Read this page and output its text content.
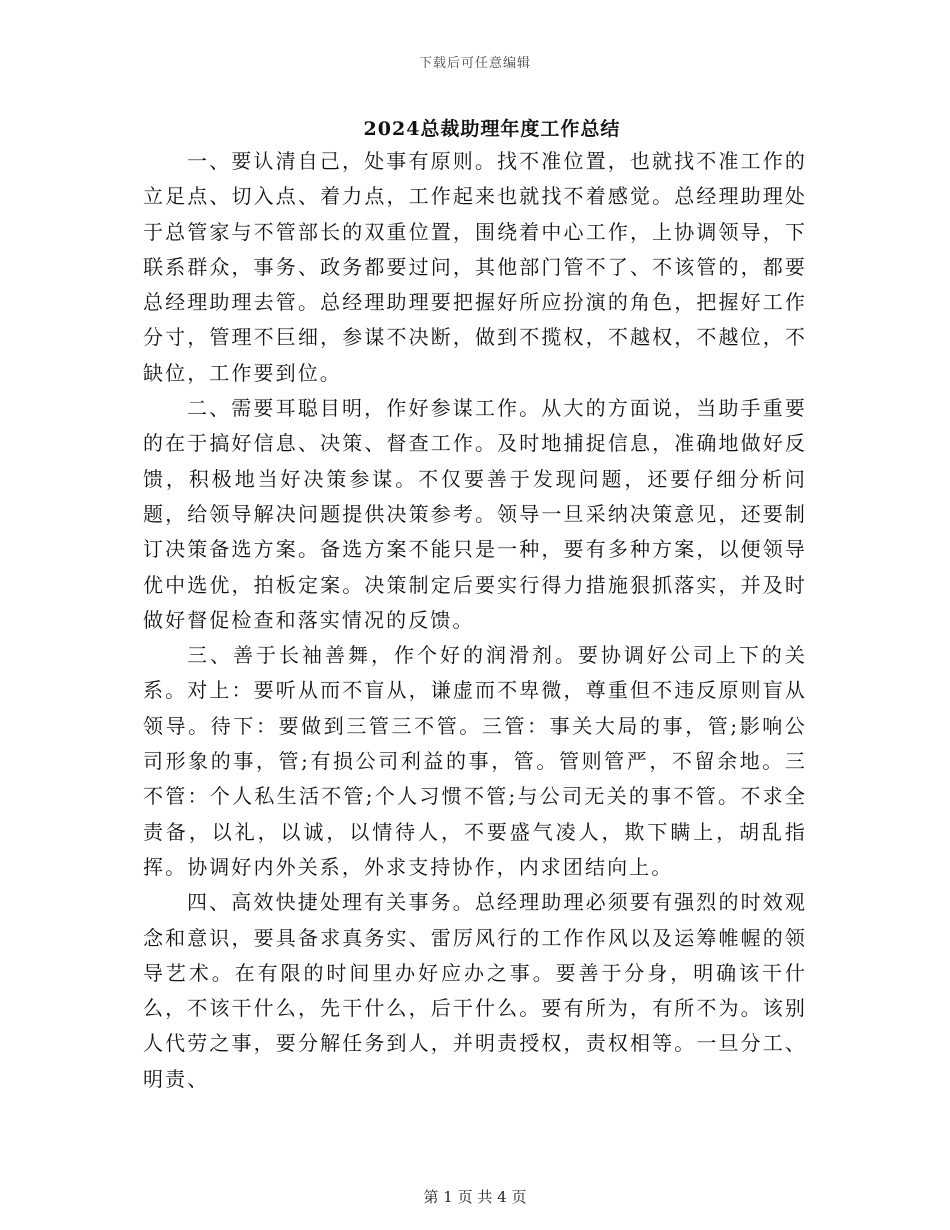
下载后可任意编辑
2024总裁助理年度工作总结

一、要认清自己，处事有原则。找不准位置，也就找不准工作的立足点、切入点、着力点，工作起来也就找不着感觉。总经理助理处于总管家与不管部长的双重位置，围绕着中心工作，上协调领导，下联系群众，事务、政务都要过问，其他部门管不了、不该管的，都要总经理助理去管。总经理助理要把握好所应扮演的角色，把握好工作分寸，管理不巨细，参谋不决断，做到不揽权，不越权，不越位，不缺位，工作要到位。

二、需要耳聪目明，作好参谋工作。从大的方面说，当助手重要的在于搞好信息、决策、督查工作。及时地捕捉信息，准确地做好反馈，积极地当好决策参谋。不仅要善于发现问题，还要仔细分析问题，给领导解决问题提供决策参考。领导一旦采纳决策意见，还要制订决策备选方案。备选方案不能只是一种，要有多种方案，以便领导优中选优，拍板定案。决策制定后要实行得力措施狠抓落实，并及时做好督促检查和落实情况的反馈。

三、善于长袖善舞，作个好的润滑剂。要协调好公司上下的关系。对上：要听从而不盲从，谦虚而不卑微，尊重但不违反原则盲从领导。待下：要做到三管三不管。三管：事关大局的事，管;影响公司形象的事，管;有损公司利益的事，管。管则管严，不留余地。三不管：个人私生活不管;个人习惯不管;与公司无关的事不管。不求全责备，以礼，以诚，以情待人，不要盛气凌人，欺下瞒上，胡乱指挥。协调好内外关系，外求支持协作，内求团结向上。

四、高效快捷处理有关事务。总经理助理必须要有强烈的时效观念和意识，要具备求真务实、雷厉风行的工作作风以及运筹帷幄的领导艺术。在有限的时间里办好应办之事。要善于分身，明确该干什么，不该干什么，先干什么，后干什么。要有所为，有所不为。该别人代劳之事，要分解任务到人，并明责授权，责权相等。一旦分工、明责、

第 1 页 共 4 页
